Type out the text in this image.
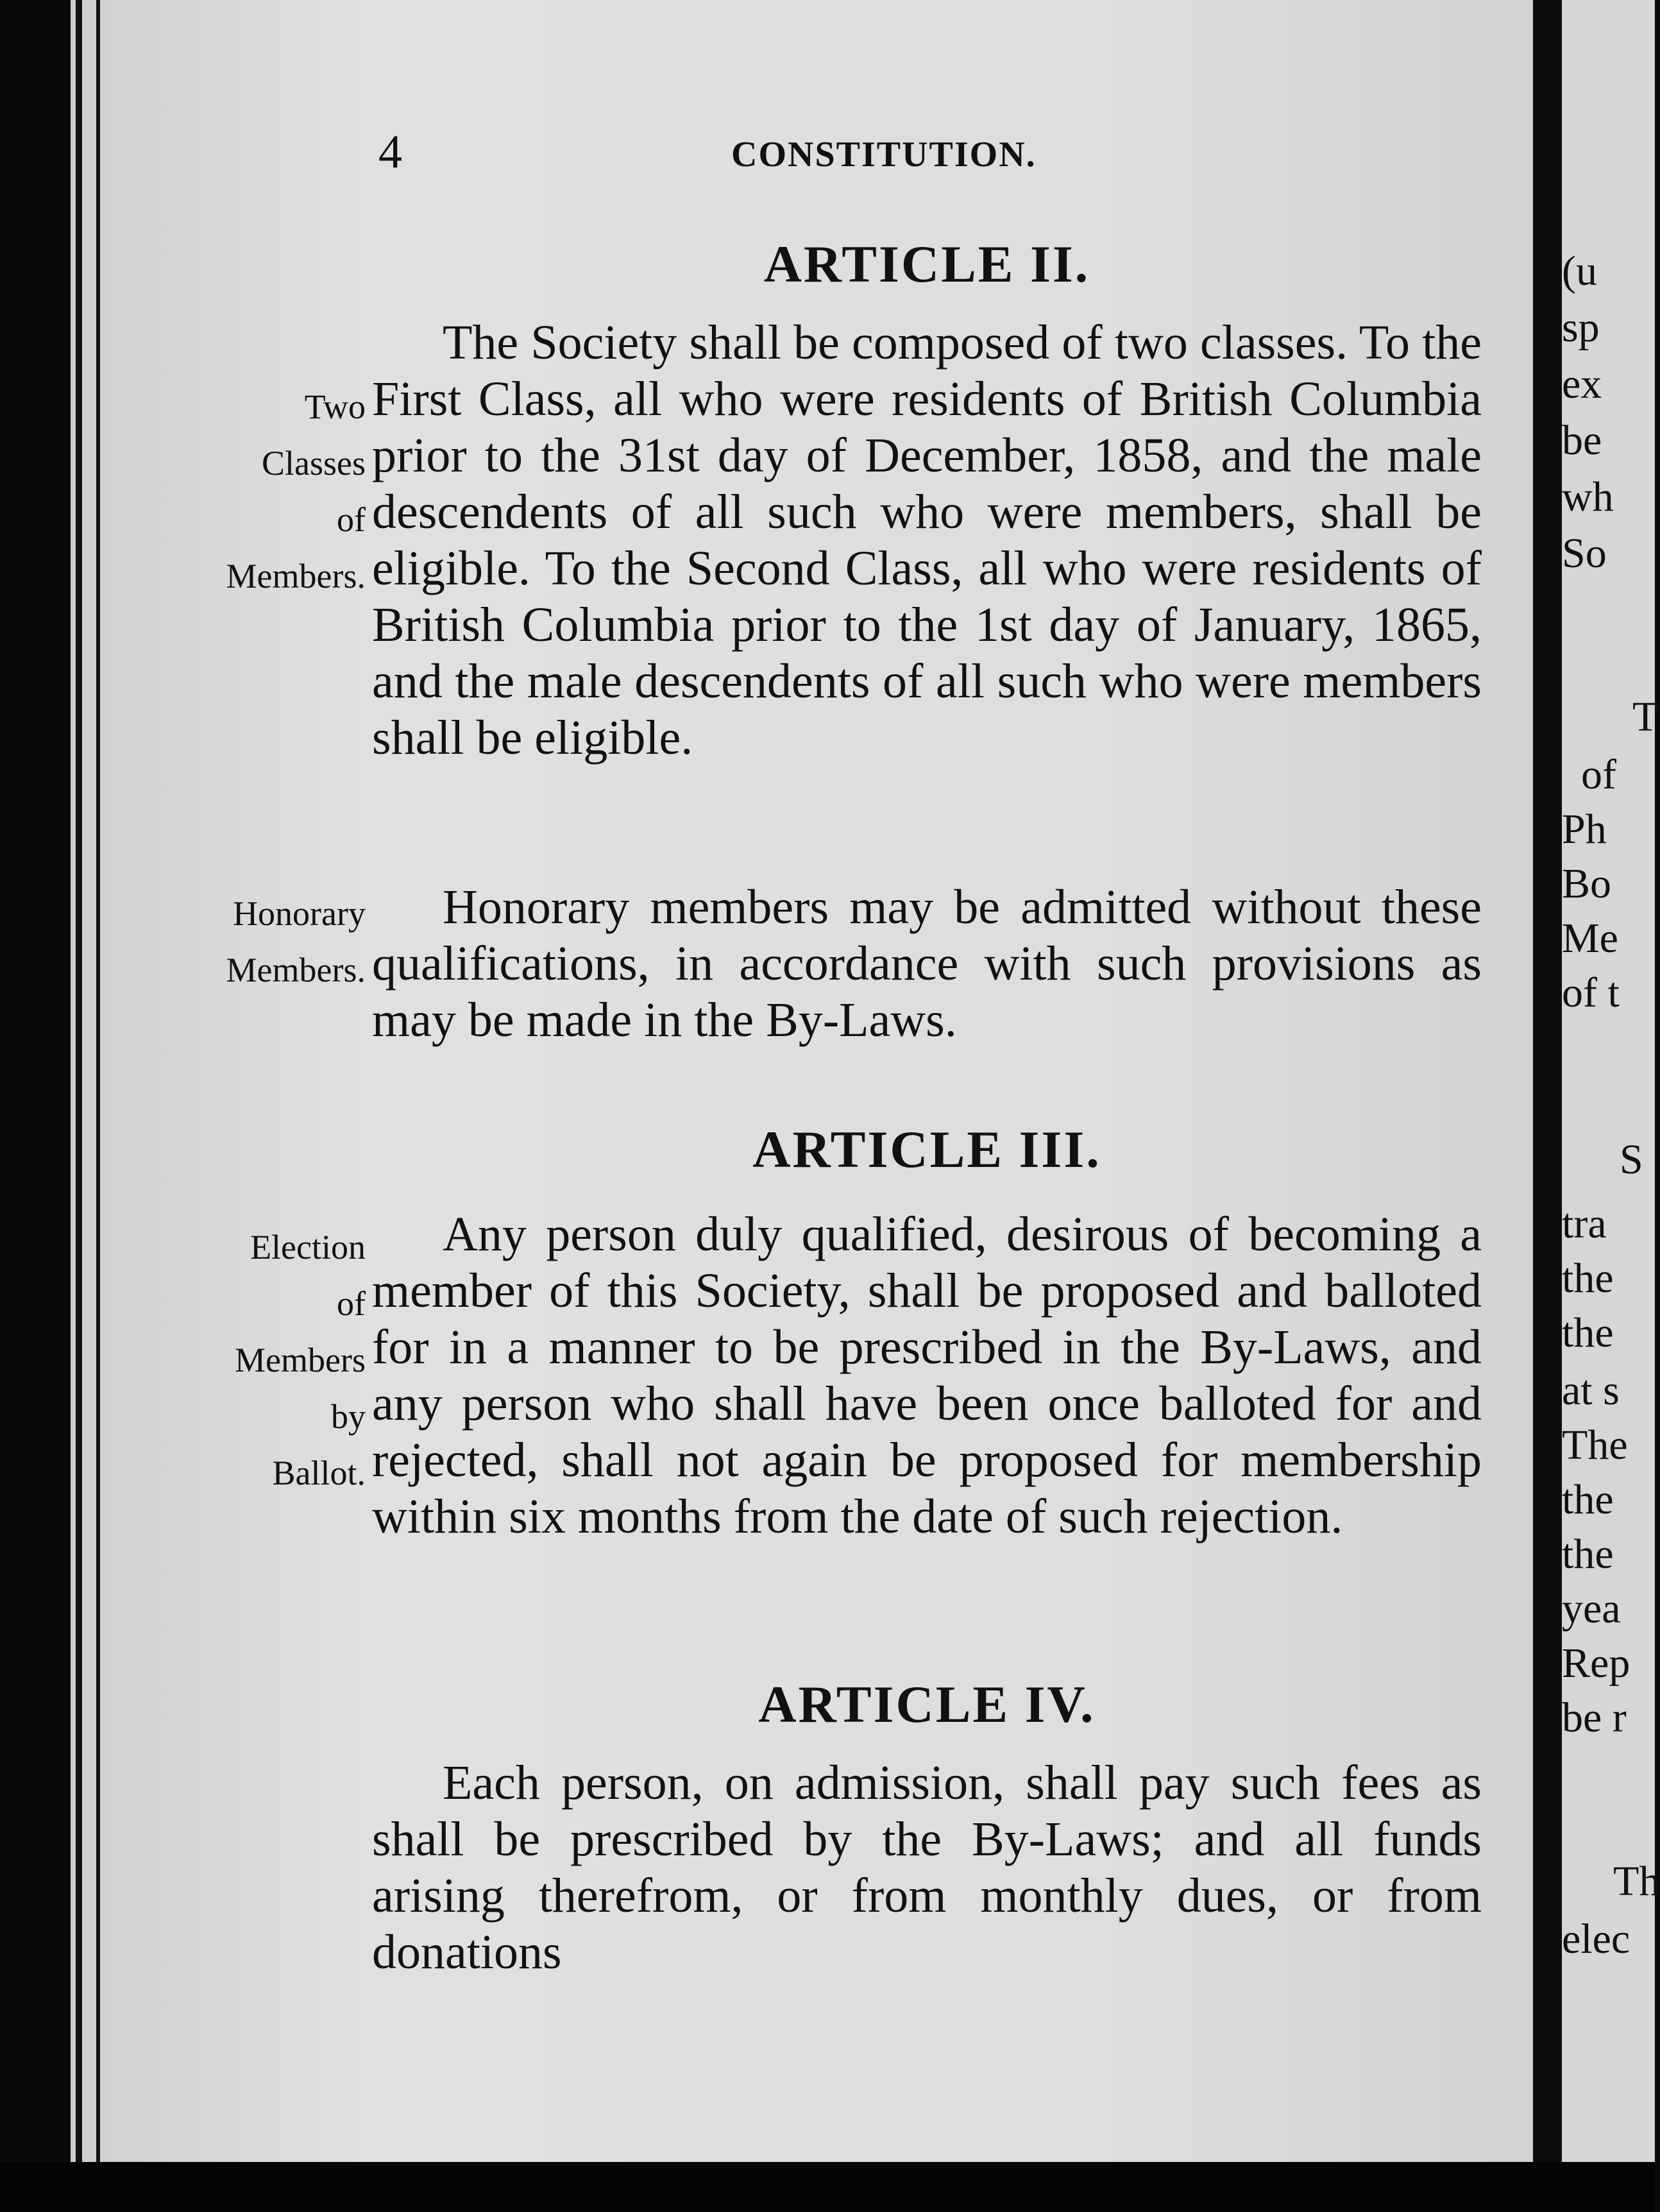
(u
sp
ex
be
wh
So
T
of
Ph
Bo
Me
of t
S
tra
the
the
at s
The
the
the
yea
Rep
be r
Th
elec
4	CONSTITUTION.
ARTICLE II.
Two
Classes
of
Members.

The Society shall be composed of two classes. To the First Class, all who were residents of British Columbia prior to the 31st day of December, 1858, and the male descendents of all such who were members, shall be eligible. To the Second Class, all who were residents of British Columbia prior to the 1st day of January, 1865, and the male descendents of all such who were members shall be eligible.

Honorary
Members.

Honorary members may be admitted without these qualifications, in accordance with such provisions as may be made in the By-Laws.

ARTICLE III.
Election
of
Members
by
Ballot.

Any person duly qualified, desirous of becoming a member of this Society, shall be proposed and balloted for in a manner to be prescribed in the By-Laws, and any person who shall have been once balloted for and rejected, shall not again be proposed for membership within six months from the date of such rejection.

ARTICLE IV.

Each person, on admission, shall pay such fees as shall be prescribed by the By-Laws; and all funds arising therefrom, or from monthly dues, or from donations
